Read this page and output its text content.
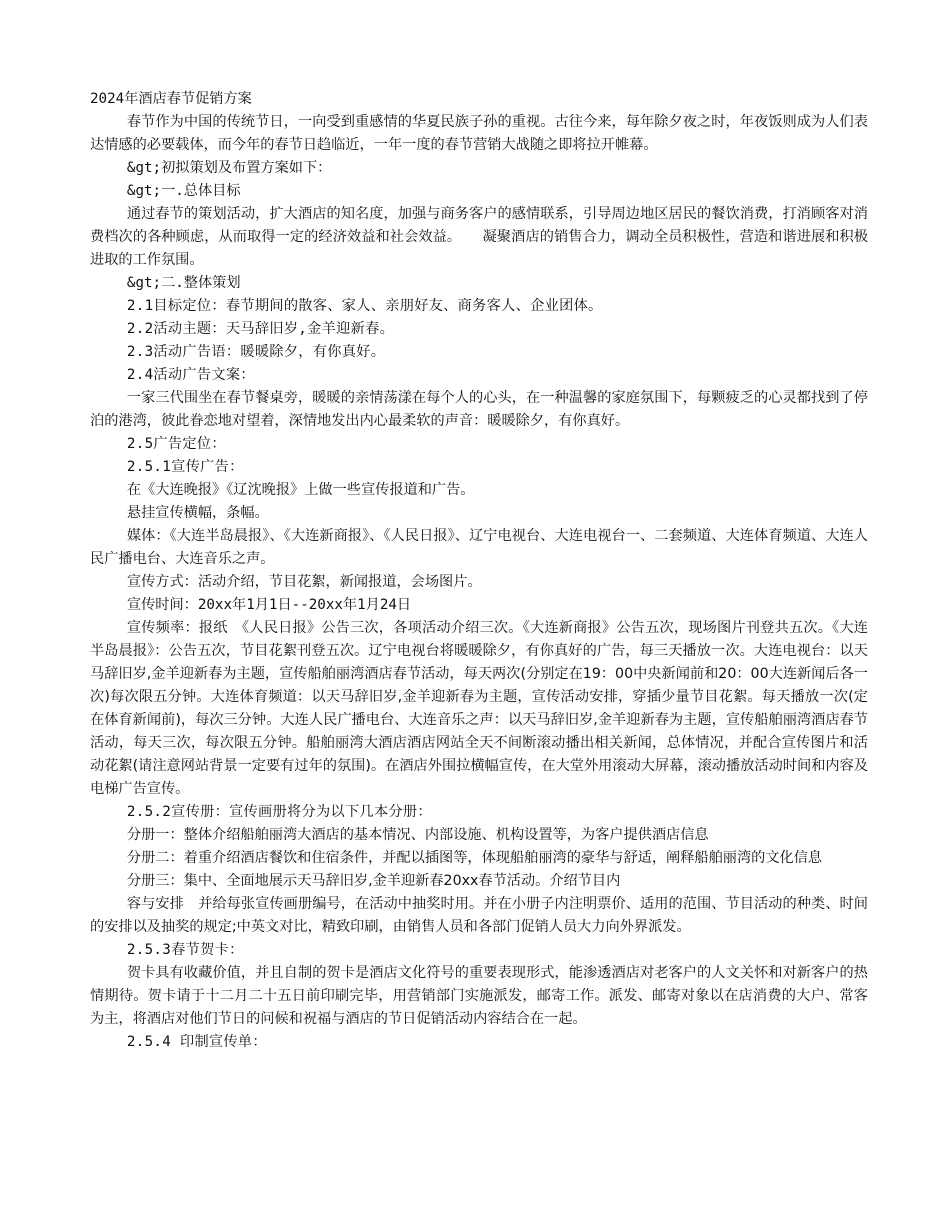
2024年酒店春节促销方案

春节作为中国的传统节日，一向受到重感情的华夏民族子孙的重视。古往今来，每年除夕夜之时，年夜饭则成为人们表达情感的必要载体，而今年的春节日趋临近，一年一度的春节营销大战随之即将拉开帷幕。

&gt;初拟策划及布置方案如下：

&gt;一.总体目标

通过春节的策划活动，扩大酒店的知名度，加强与商务客户的感情联系，引导周边地区居民的餐饮消费，打消顾客对消费档次的各种顾虑，从而取得一定的经济效益和社会效益。　　凝聚酒店的销售合力，调动全员积极性，营造和谐进展和积极进取的工作氛围。

&gt;二.整体策划

2.1目标定位：春节期间的散客、家人、亲朋好友、商务客人、企业团体。

2.2活动主题：天马辞旧岁,金羊迎新春。

2.3活动广告语：暖暖除夕，有你真好。

2.4活动广告文案：

一家三代围坐在春节餐桌旁，暖暖的亲情荡漾在每个人的心头，在一种温馨的家庭氛围下，每颗疲乏的心灵都找到了停泊的港湾，彼此眷恋地对望着，深情地发出内心最柔软的声音：暖暖除夕，有你真好。

2.5广告定位：

2.5.1宣传广告：

在《大连晚报》《辽沈晚报》上做一些宣传报道和广告。

悬挂宣传横幅，条幅。

媒体：《大连半岛晨报》、《大连新商报》、《人民日报》、辽宁电视台、大连电视台一、二套频道、大连体育频道、大连人民广播电台、大连音乐之声。

宣传方式：活动介绍，节目花絮，新闻报道，会场图片。

宣传时间：20xx年1月1日--20xx年1月24日

宣传频率：报纸　《人民日报》公告三次，各项活动介绍三次。《大连新商报》公告五次，现场图片刊登共五次。《大连半岛晨报》：公告五次，节目花絮刊登五次。辽宁电视台将暖暖除夕，有你真好的广告，每三天播放一次。大连电视台：以天马辞旧岁,金羊迎新春为主题，宣传船舶丽湾酒店春节活动，每天两次(分别定在19：00中央新闻前和20：00大连新闻后各一次)每次限五分钟。大连体育频道：以天马辞旧岁,金羊迎新春为主题，宣传活动安排，穿插少量节目花絮。每天播放一次(定在体育新闻前)，每次三分钟。大连人民广播电台、大连音乐之声：以天马辞旧岁,金羊迎新春为主题，宣传船舶丽湾酒店春节活动，每天三次，每次限五分钟。船舶丽湾大酒店酒店网站全天不间断滚动播出相关新闻，总体情况，并配合宣传图片和活动花絮(请注意网站背景一定要有过年的氛围)。在酒店外围拉横幅宣传，在大堂外用滚动大屏幕，滚动播放活动时间和内容及电梯广告宣传。

2.5.2宣传册：宣传画册将分为以下几本分册：

分册一：整体介绍船舶丽湾大酒店的基本情况、内部设施、机构设置等，为客户提供酒店信息

分册二：着重介绍酒店餐饮和住宿条件，并配以插图等，体现船舶丽湾的豪华与舒适，阐释船舶丽湾的文化信息

分册三：集中、全面地展示天马辞旧岁,金羊迎新春20xx春节活动。介绍节目内

容与安排　并给每张宣传画册编号，在活动中抽奖时用。并在小册子内注明票价、适用的范围、节目活动的种类、时间的安排以及抽奖的规定;中英文对比，精致印刷，由销售人员和各部门促销人员大力向外界派发。

2.5.3春节贺卡：

贺卡具有收藏价值，并且自制的贺卡是酒店文化符号的重要表现形式，能渗透酒店对老客户的人文关怀和对新客户的热情期待。贺卡请于十二月二十五日前印刷完毕，用营销部门实施派发，邮寄工作。派发、邮寄对象以在店消费的大户、常客为主，将酒店对他们节日的问候和祝福与酒店的节日促销活动内容结合在一起。

2.5.4 印制宣传单：
